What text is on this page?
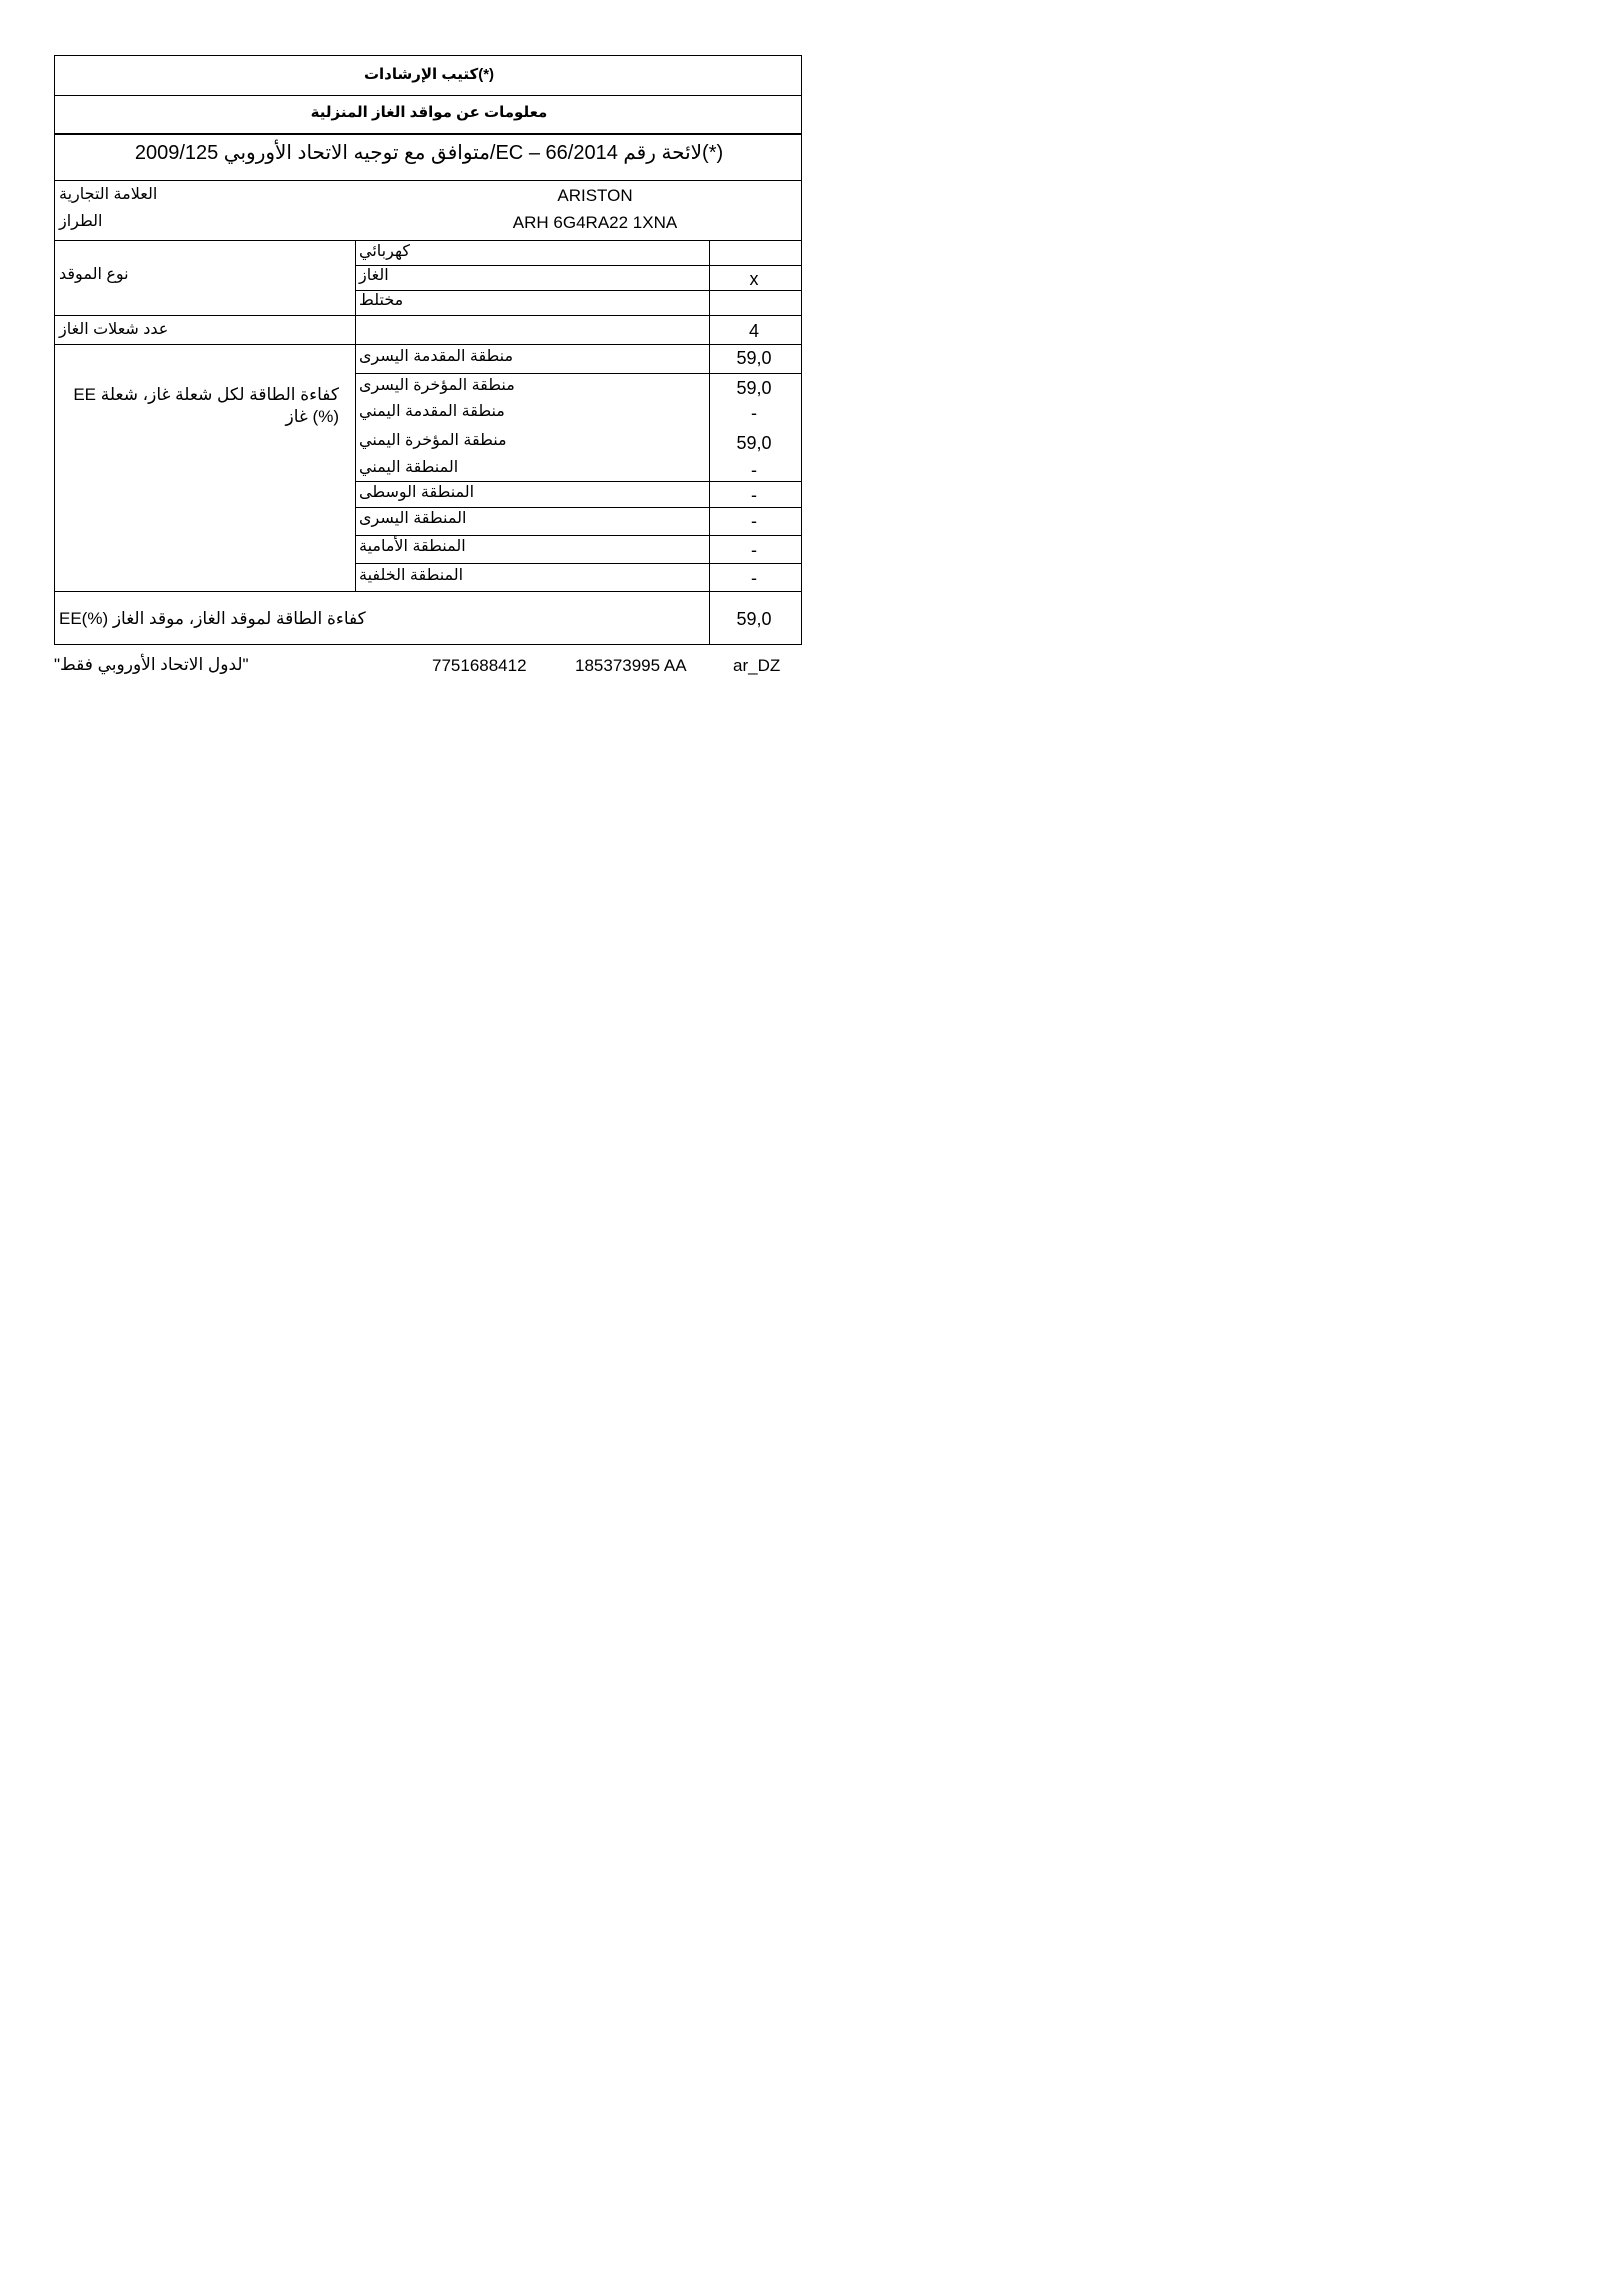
(*)كتيب الإرشادات
معلومات عن مواقد الغاز المنزلية
(*)لائحة رقم 66/2014 – EC/متوافق مع توجيه الاتحاد الأوروبي 2009/125
العلامة التجارية	ARISTON
الطراز	ARH 6G4RA22 1XNA
نوع الموقد
كهربائي
الغاز	x
مختلط
عدد شعلات الغاز	4
EE كفاءة الطاقة لكل شعلة غاز، شعلة غاز (%)
منطقة المقدمة اليسرى	59,0
منطقة المؤخرة اليسرى	59,0
منطقة المقدمة اليمني	-
منطقة المؤخرة اليمني	59,0
المنطقة اليمني	-
المنطقة الوسطى	-
المنطقة اليسرى	-
المنطقة الأمامية	-
المنطقة الخلفية	-
EE(%) كفاءة الطاقة لموقد الغاز، موقد الغاز	59,0
"لدول الاتحاد الأوروبي فقط"	7751688412	185373995 AA	ar_DZ
